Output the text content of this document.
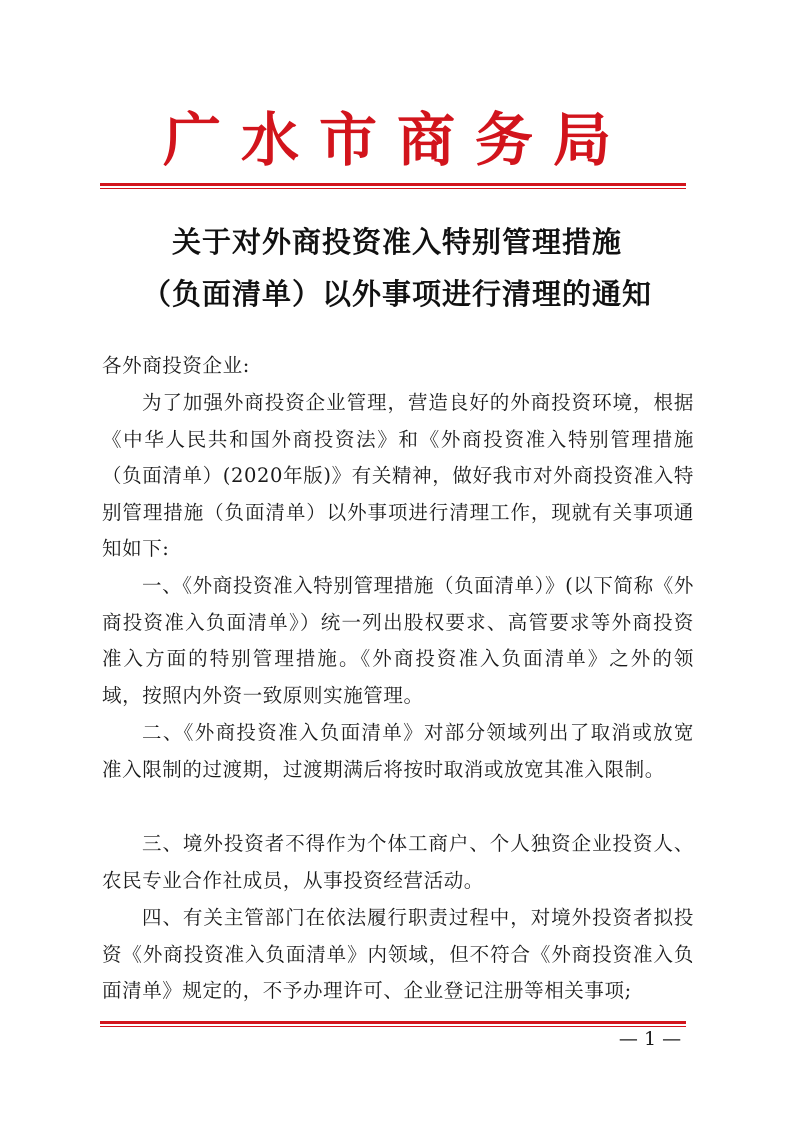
广水市商务局
关于对外商投资准入特别管理措施
（负面清单）以外事项进行清理的通知
各外商投资企业:
为了加强外商投资企业管理，营造良好的外商投资环境，根据《中华人民共和国外商投资法》和《外商投资准入特别管理措施（负面清单）(2020年版)》有关精神，做好我市对外商投资准入特别管理措施（负面清单）以外事项进行清理工作，现就有关事项通知如下:
一、《外商投资准入特别管理措施（负面清单）》(以下简称《外商投资准入负面清单》）统一列出股权要求、高管要求等外商投资准入方面的特别管理措施。《外商投资准入负面清单》之外的领域，按照内外资一致原则实施管理。
二、《外商投资准入负面清单》对部分领域列出了取消或放宽准入限制的过渡期，过渡期满后将按时取消或放宽其准入限制。
三、境外投资者不得作为个体工商户、个人独资企业投资人、农民专业合作社成员，从事投资经营活动。
四、有关主管部门在依法履行职责过程中，对境外投资者拟投资《外商投资准入负面清单》内领域，但不符合《外商投资准入负面清单》规定的，不予办理许可、企业登记注册等相关事项;
— 1 —
